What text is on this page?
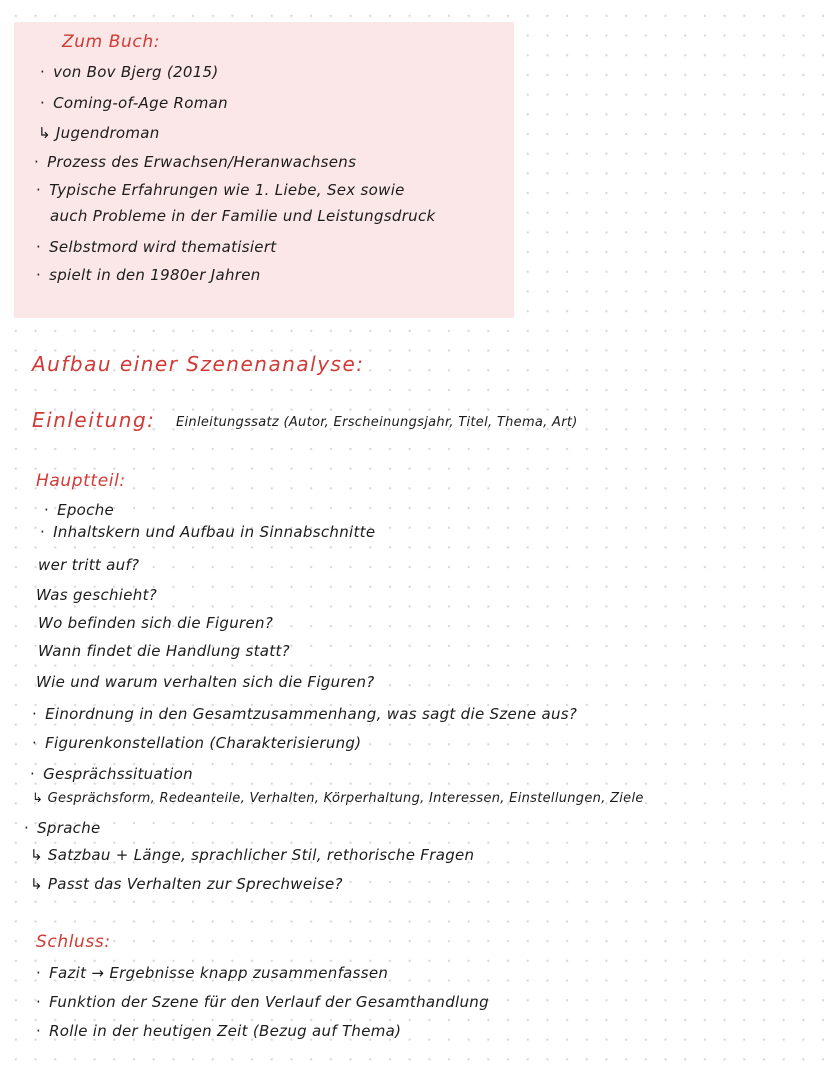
Zum Buch:
· von Bov Bjerg (2015)
· Coming-of-Age Roman
↳ Jugendroman
· Prozess des Erwachsen/Heranwachsens
· Typische Erfahrungen wie 1. Liebe, Sex sowie
auch Probleme in der Familie und Leistungsdruck
· Selbstmord wird thematisiert
· spielt in den 1980er Jahren
Aufbau einer Szenenanalyse:
Einleitung: Einleitungssatz (Autor, Erscheinungsjahr, Titel, Thema, Art)
Hauptteil:
· Epoche
· Inhaltskern und Aufbau in Sinnabschnitte
wer tritt auf?
Was geschieht?
Wo befinden sich die Figuren?
Wann findet die Handlung statt?
Wie und warum verhalten sich die Figuren?
· Einordnung in den Gesamtzusammenhang, was sagt die Szene aus?
· Figurenkonstellation (Charakterisierung)
· Gesprächssituation
↳ Gesprächsform, Redeanteile, Verhalten, Körperhaltung, Interessen, Einstellungen, Ziele
· Sprache
↳ Satzbau + Länge, sprachlicher Stil, rethorische Fragen
↳ Passt das Verhalten zur Sprechweise?
Schluss:
· Fazit → Ergebnisse knapp zusammenfassen
· Funktion der Szene für den Verlauf der Gesamthandlung
· Rolle in der heutigen Zeit (Bezug auf Thema)
